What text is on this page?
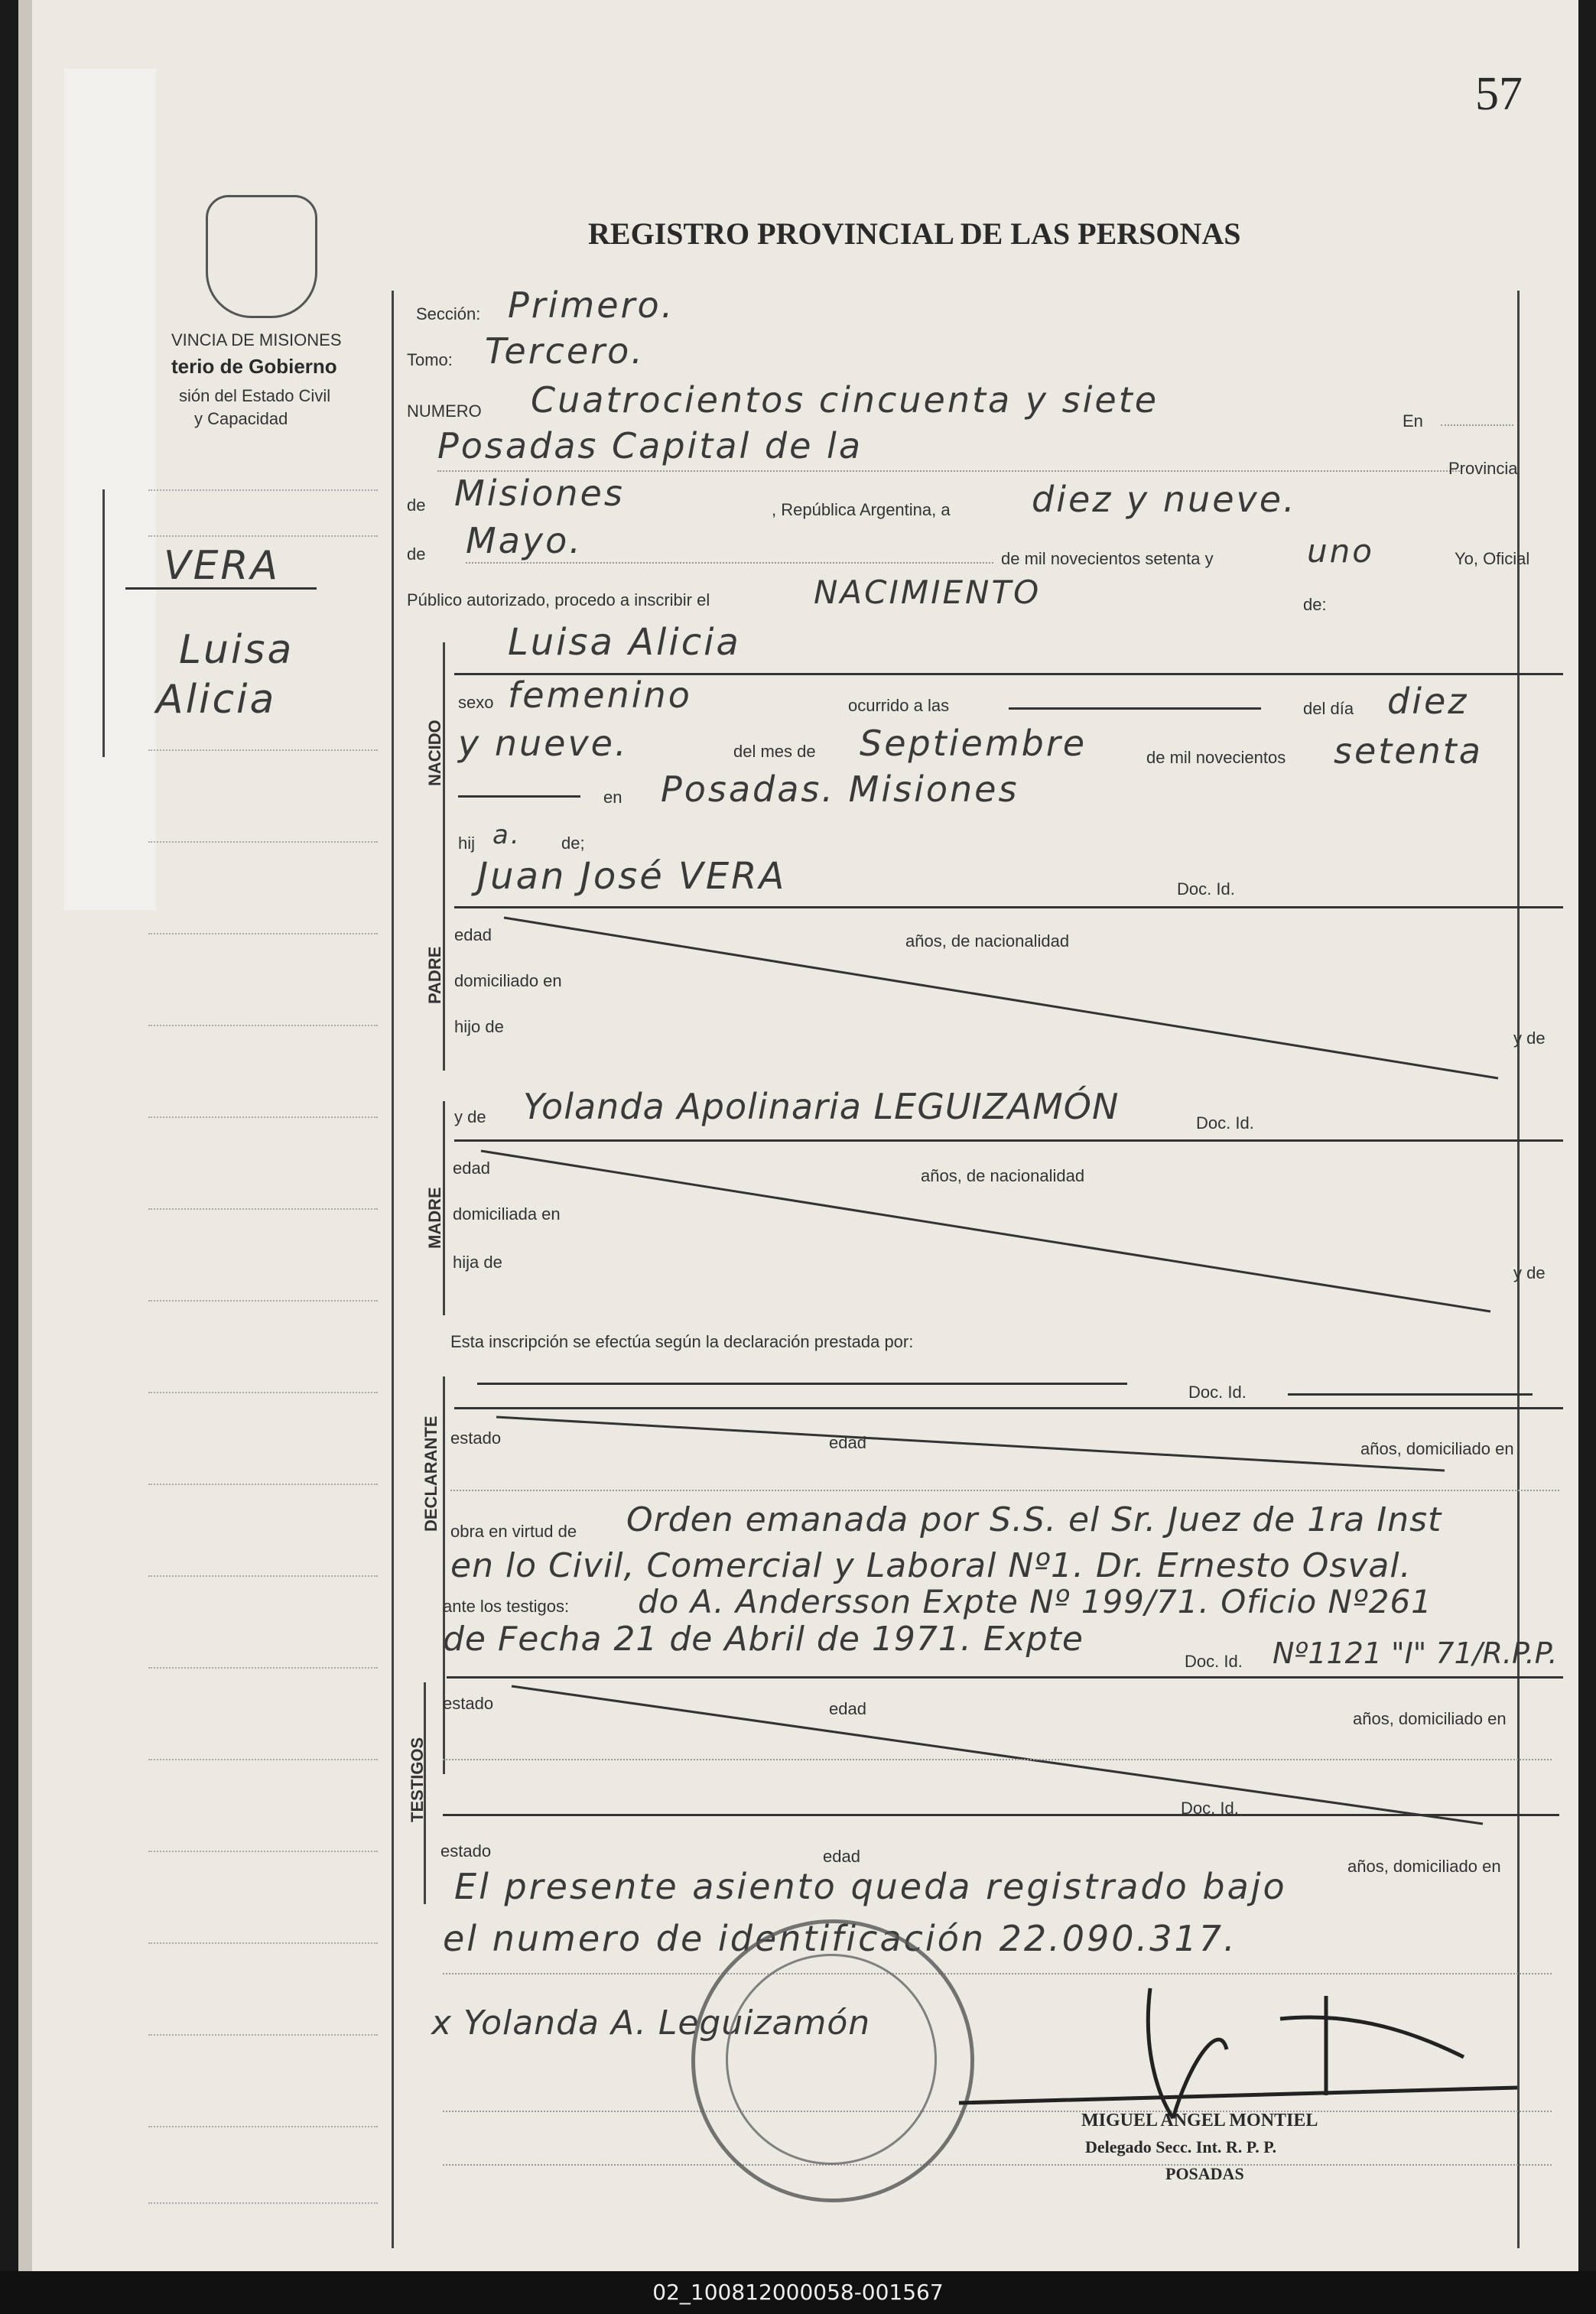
57
VINCIA DE MISIONES
terio de Gobierno
sión del Estado Civil
y Capacidad
REGISTRO PROVINCIAL DE LAS PERSONAS
VERA
Luisa
Alicia
Sección: Primero.
Tomo: Tercero.
NUMERO Cuatrocientos cincuenta y siete
En
Posadas Capital de la
Provincia
de Misiones	, República Argentina, a diez y nueve.
de Mayo.	de mil novecientos setenta y	uno	Yo, Oficial
Público autorizado, procedo a inscribir el	NACIMIENTO	de:
NACIDO
Luisa Alicia
sexo femenino	ocurrido a las	del día diez
y nueve.	del mes de Septiembre	de mil novecientos setenta
en Posadas. Misiones
hij a. de;
PADRE
Juan José VERA	Doc. Id.
edad	años, de nacionalidad
domiciliado en
hijo de
y de
MADRE
y de Yolanda Apolinaria LEGUIZAMÓN	Doc. Id.
edad	años, de nacionalidad
domiciliada en
hija de
y de
Esta inscripción se efectúa según la declaración prestada por:
DECLARANTE
Doc. Id.
estado	edad	años, domiciliado en
obra en virtud de Orden emanada por S.S. el Sr. Juez de 1ra Inst
en lo Civil, Comercial y Laboral Nº1. Dr. Ernesto Osval.
ante los testigos: do A. Andersson Expte Nº 199/71. Oficio Nº261
de Fecha 21 de Abril de 1971. Expte
Doc. Id. Nº1121 "I" 71/R.P.P.
TESTIGOS
estado	edad
años, domiciliado en
Doc. Id.
estado	edad
años, domiciliado en
El presente asiento queda registrado bajo
el numero de identificación 22.090.317.
x Yolanda A. Leguizamón
MIGUEL ANGEL MONTIEL
Delegado Secc. Int. R. P. P.
POSADAS
02_100812000058-001567
